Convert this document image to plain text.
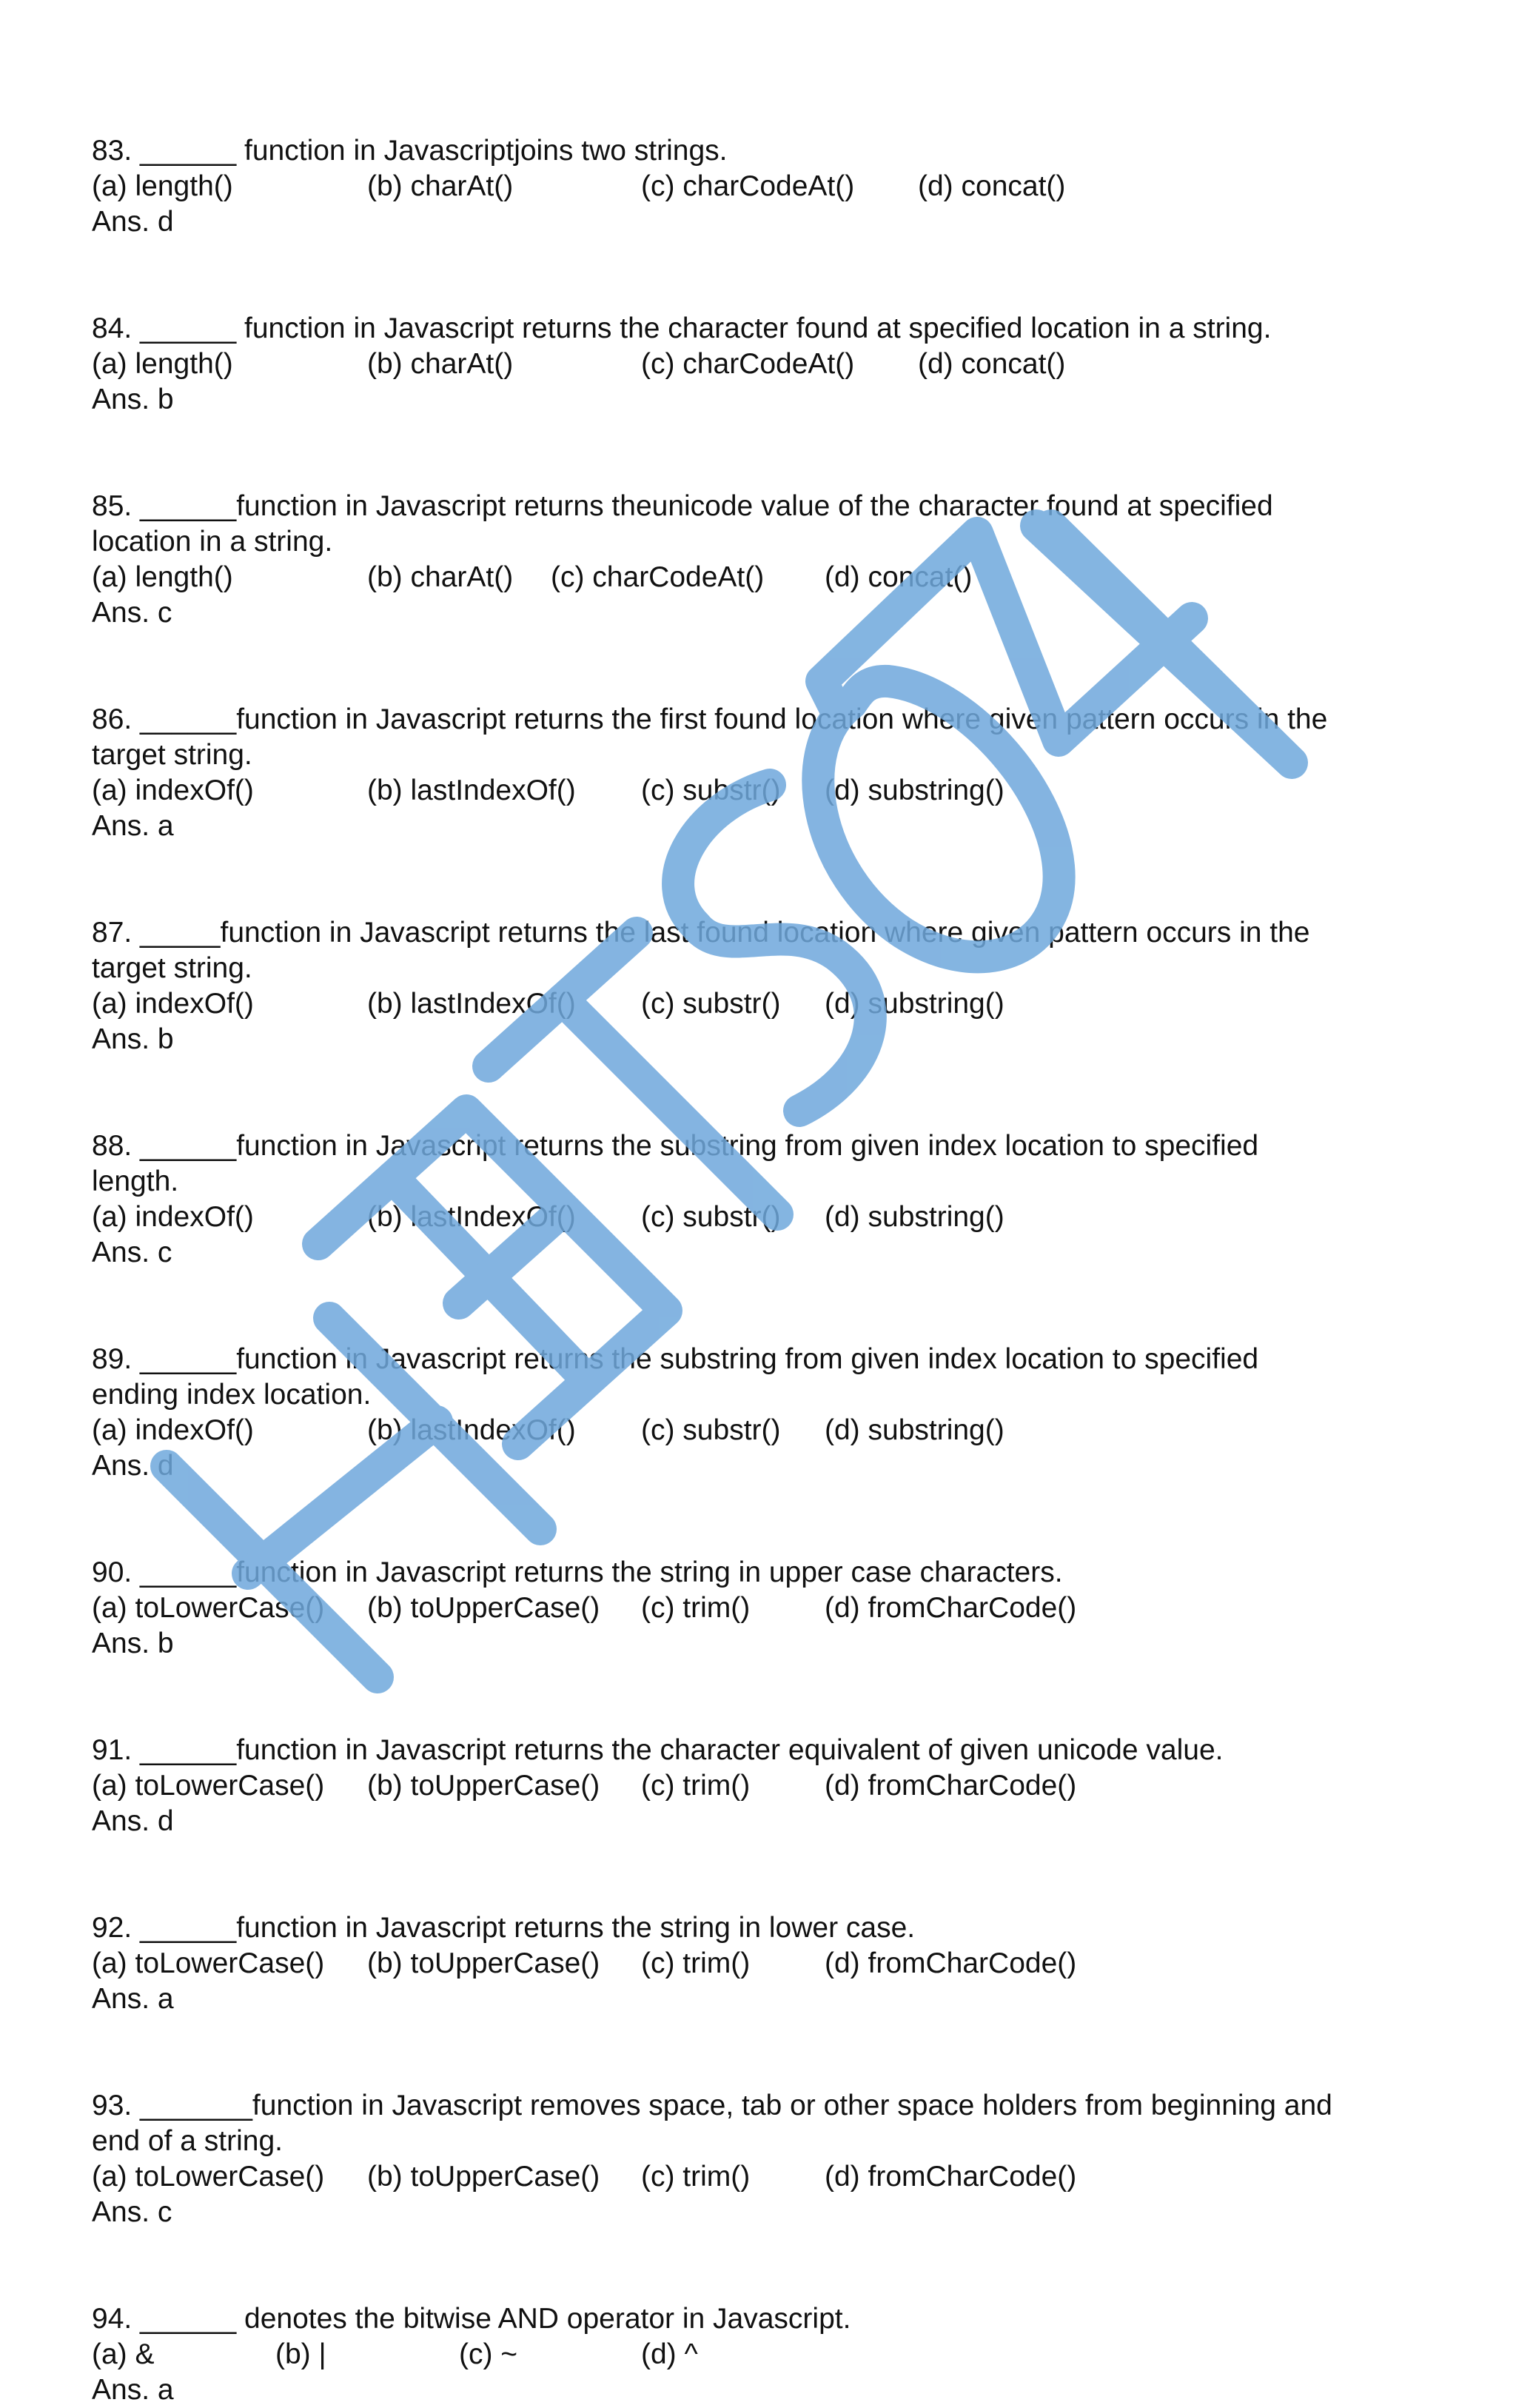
83. ______ function in Javascriptjoins two strings.
(a) length()	(b) charAt()	(c) charCodeAt() (d) concat()
Ans. d
84. ______ function in Javascript returns the character found at specified location in a string.
(a) length()	(b) charAt()	(c) charCodeAt() (d) concat()
Ans. b
85. ______function in Javascript returns theunicode value of the character found at specified
location in a string.
(a) length()	(b) charAt() (c) charCodeAt() (d) concat()
Ans. c
86. ______function in Javascript returns the first found location where given pattern occurs in the
target string.
(a) indexOf()	(b) lastIndexOf() (c) substr() (d) substring()
Ans. a
87. _____function in Javascript returns the last found location where given pattern occurs in the
target string.
(a) indexOf()	(b) lastIndexOf() (c) substr() (d) substring()
Ans. b
88. ______function in Javascript returns the substring from given index location to specified
length.
(a) indexOf()	(b) lastIndexOf() (c) substr() (d) substring()
Ans. c
89. ______function in Javascript returns the substring from given index location to specified
ending index location.
(a) indexOf()	(b) lastIndexOf() (c) substr() (d) substring()
Ans. d
90. ______function in Javascript returns the string in upper case characters.
(a) toLowerCase() (b) toUpperCase() (c) trim()	(d) fromCharCode()
Ans. b
91. ______function in Javascript returns the character equivalent of given unicode value.
(a) toLowerCase() (b) toUpperCase() (c) trim()	(d) fromCharCode()
Ans. d
92. ______function in Javascript returns the string in lower case.
(a) toLowerCase() (b) toUpperCase() (c) trim()	(d) fromCharCode()
Ans. a
93. _______function in Javascript removes space, tab or other space holders from beginning and
end of a string.
(a) toLowerCase() (b) toUpperCase() (c) trim()	(d) fromCharCode()
Ans. c
94. ______ denotes the bitwise AND operator in Javascript.
(a) &	(b) |	(c) ~	(d) ^
Ans. a
